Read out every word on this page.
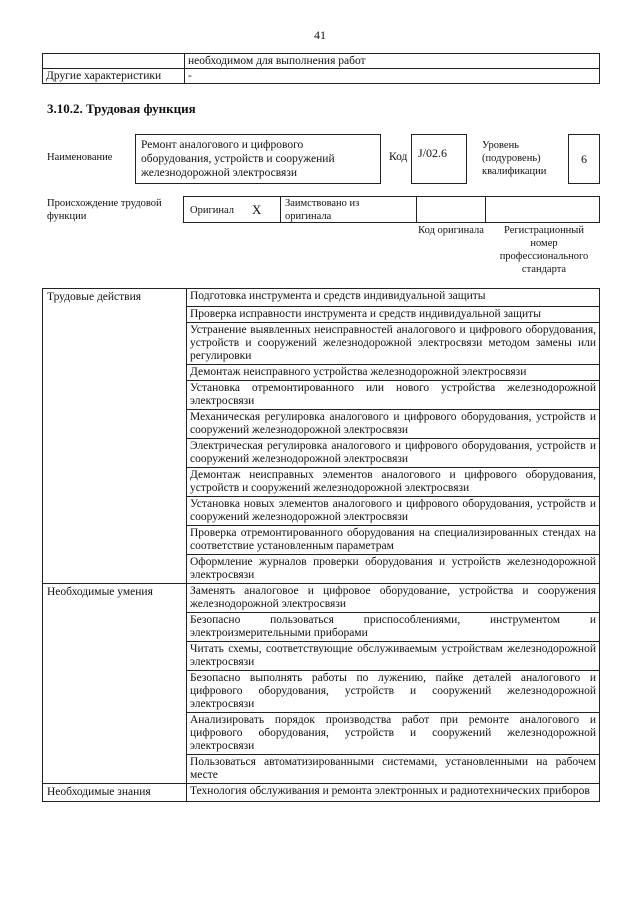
41
	необходимом для выполнения работ
Другие характеристики	-
3.10.2. Трудовая функция
Наименование
Ремонт аналогового и цифрового оборудования, устройств и сооружений железнодорожной электросвязи
Код J/02.6
Уровень (подуровень) квалификации
6
Происхождение трудовой функции
Оригинал X Заимствовано из оригинала
Код оригинала	Регистрационный номер профессионального стандарта
Трудовые действия	Подготовка инструмента и средств индивидуальной защиты
	Проверка исправности инструмента и средств индивидуальной защиты
	Устранение выявленных неисправностей аналогового и цифрового оборудования, устройств и сооружений железнодорожной электросвязи методом замены или регулировки
	Демонтаж неисправного устройства железнодорожной электросвязи
	Установка отремонтированного или нового устройства железнодорожной электросвязи
	Механическая регулировка аналогового и цифрового оборудования, устройств и сооружений железнодорожной электросвязи
	Электрическая регулировка аналогового и цифрового оборудования, устройств и сооружений железнодорожной электросвязи
	Демонтаж неисправных элементов аналогового и цифрового оборудования, устройств и сооружений железнодорожной электросвязи
	Установка новых элементов аналогового и цифрового оборудования, устройств и сооружений железнодорожной электросвязи
	Проверка отремонтированного оборудования на специализированных стендах на соответствие установленным параметрам
	Оформление журналов проверки оборудования и устройств железнодорожной электросвязи
Необходимые умения	Заменять аналоговое и цифровое оборудование, устройства и сооружения железнодорожной электросвязи
	Безопасно пользоваться приспособлениями, инструментом и электроизмерительными приборами
	Читать схемы, соответствующие обслуживаемым устройствам железнодорожной электросвязи
	Безопасно выполнять работы по лужению, пайке деталей аналогового и цифрового оборудования, устройств и сооружений железнодорожной электросвязи
	Анализировать порядок производства работ при ремонте аналогового и цифрового оборудования, устройств и сооружений железнодорожной электросвязи
	Пользоваться автоматизированными системами, установленными на рабочем месте
Необходимые знания	Технология обслуживания и ремонта электронных и радиотехнических приборов
